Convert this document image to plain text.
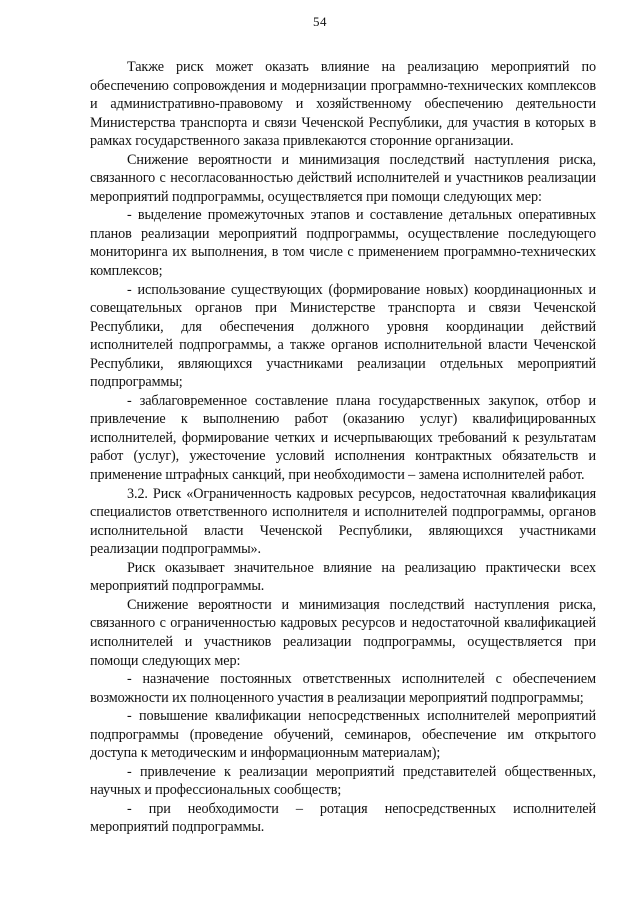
54

Также риск может оказать влияние на реализацию мероприятий по обеспечению сопровождения и модернизации программно-технических комплексов и административно-правовому и хозяйственному обеспечению деятельности Министерства транспорта и связи Чеченской Республики, для участия в которых в рамках государственного заказа привлекаются сторонние организации.

Снижение вероятности и минимизация последствий наступления риска, связанного с несогласованностью действий исполнителей и участников реализации мероприятий подпрограммы, осуществляется при помощи следующих мер:

- выделение промежуточных этапов и составление детальных оперативных планов реализации мероприятий подпрограммы, осуществление последующего мониторинга их выполнения, в том числе с применением программно-технических комплексов;

- использование существующих (формирование новых) координационных и совещательных органов при Министерстве транспорта и связи Чеченской Республики, для обеспечения должного уровня координации действий исполнителей подпрограммы, а также органов исполнительной власти Чеченской Республики, являющихся участниками реализации отдельных мероприятий подпрограммы;

- заблаговременное составление плана государственных закупок, отбор и привлечение к выполнению работ (оказанию услуг) квалифицированных исполнителей, формирование четких и исчерпывающих требований к результатам работ (услуг), ужесточение условий исполнения контрактных обязательств и применение штрафных санкций, при необходимости – замена исполнителей работ.

3.2. Риск «Ограниченность кадровых ресурсов, недостаточная квалификация специалистов ответственного исполнителя и исполнителей подпрограммы, органов исполнительной власти Чеченской Республики, являющихся участниками реализации подпрограммы».

Риск оказывает значительное влияние на реализацию практически всех мероприятий подпрограммы.

Снижение вероятности и минимизация последствий наступления риска, связанного с ограниченностью кадровых ресурсов и недостаточной квалификацией исполнителей и участников реализации подпрограммы, осуществляется при помощи следующих мер:

- назначение постоянных ответственных исполнителей с обеспечением возможности их полноценного участия в реализации мероприятий подпрограммы;

- повышение квалификации непосредственных исполнителей мероприятий подпрограммы (проведение обучений, семинаров, обеспечение им открытого доступа к методическим и информационным материалам);

- привлечение к реализации мероприятий представителей общественных, научных и профессиональных сообществ;

- при необходимости – ротация непосредственных исполнителей мероприятий подпрограммы.
